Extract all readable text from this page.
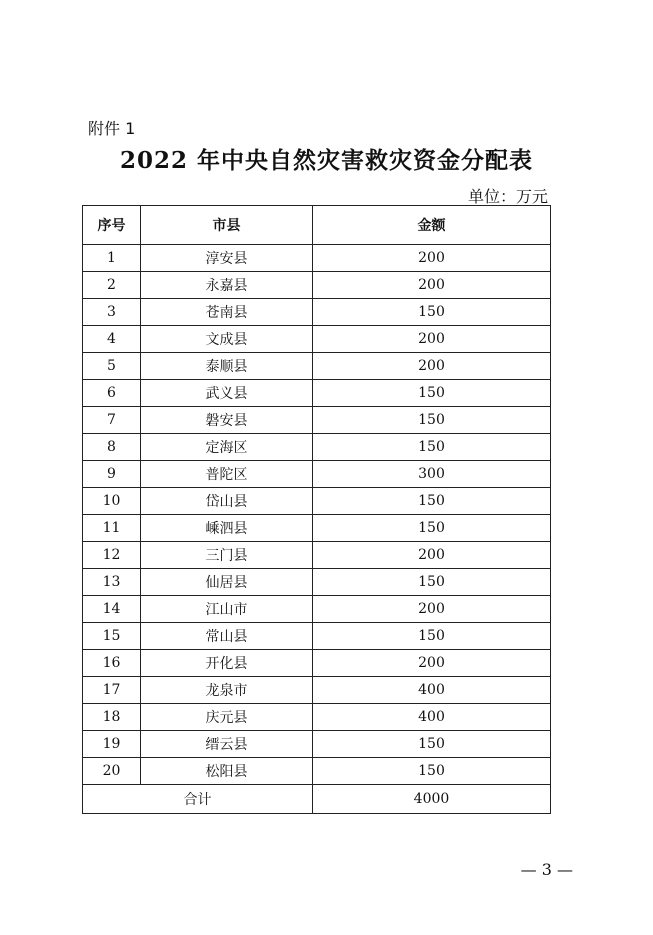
附件 1
2022 年中央自然灾害救灾资金分配表
单位：万元
序号	市县	金额
1	淳安县	200
2	永嘉县	200
3	苍南县	150
4	文成县	200
5	泰顺县	200
6	武义县	150
7	磐安县	150
8	定海区	150
9	普陀区	300
10	岱山县	150
11	嵊泗县	150
12	三门县	200
13	仙居县	150
14	江山市	200
15	常山县	150
16	开化县	200
17	龙泉市	400
18	庆元县	400
19	缙云县	150
20	松阳县	150
合计		4000
— 3 —
